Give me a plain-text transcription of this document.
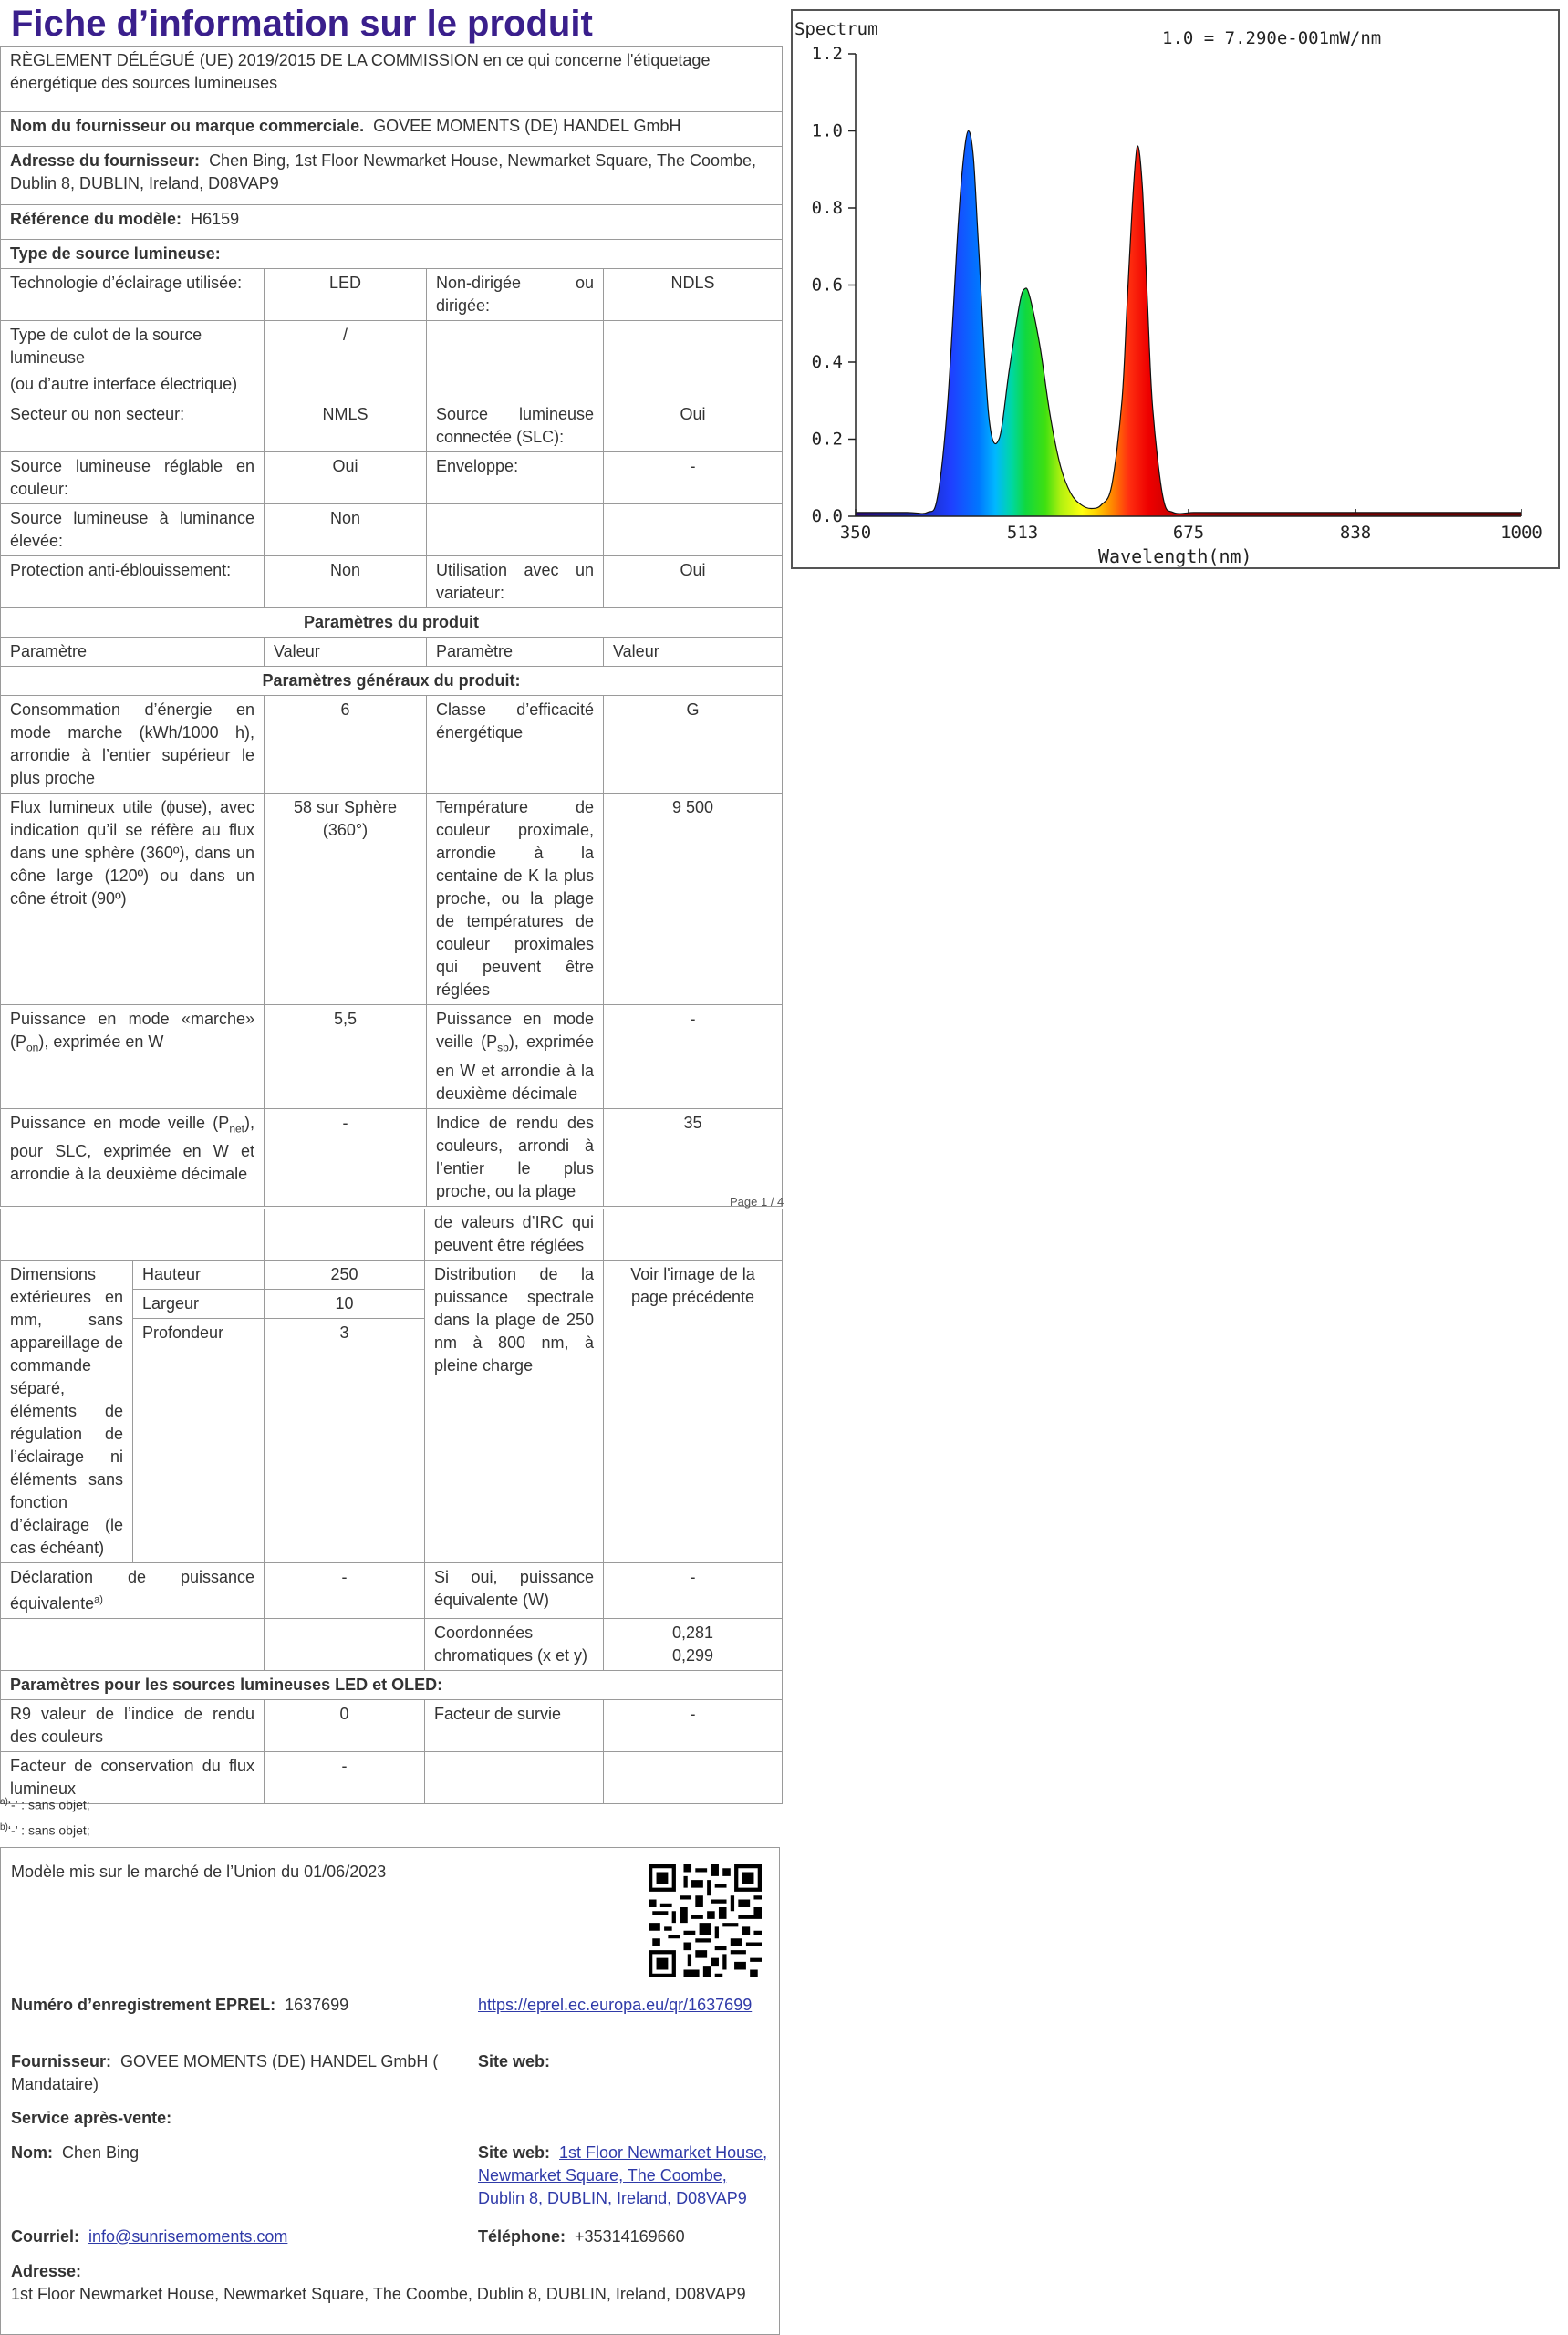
Fiche d’information sur le produit
RÈGLEMENT DÉLÉGUÉ (UE) 2019/2015 DE LA COMMISSION en ce qui concerne l'étiquetage énergétique des sources lumineuses			
Nom du fournisseur ou marque commerciale. GOVEE MOMENTS (DE) HANDEL GmbH			
Adresse du fournisseur: Chen Bing, 1st Floor Newmarket House, Newmarket Square, The Coombe, Dublin 8, DUBLIN, Ireland, D08VAP9			
Référence du modèle: H6159			
Type de source lumineuse:			
Technologie d’éclairage utilisée:	LED	Non-dirigée ou dirigée:	NDLS

Type de culot de la source lumineuse
(ou d’autre interface électrique)	/		
Secteur ou non secteur:	NMLS	Source lumineuse connectée (SLC):	Oui
Source lumineuse réglable en couleur:	Oui	Enveloppe:	-
Source lumineuse à luminance élevée:	Non		
Protection anti-éblouissement:	Non	Utilisation avec un variateur:	Oui
Paramètres du produit			
Paramètre	Valeur	Paramètre	Valeur
Paramètres généraux du produit:			
Consommation d’énergie en mode marche (kWh/1000 h), arrondie à l’entier supérieur le plus proche	6	Classe d’efficacité énergétique	G
Flux lumineux utile (ɸuse), avec indication qu’il se réfère au flux dans une sphère (360º), dans un cône large (120º) ou dans un cône étroit (90º)	58 sur Sphère (360°)	Température de couleur proximale, arrondie à la centaine de K la plus proche, ou la plage de températures de couleur proximales qui peuvent être réglées	9 500
Puissance en mode «marche» $(P_{on})$, exprimée en W	5,5	Puissance en mode veille $(P_{sb})$, exprimée en W et arrondie à la deuxième décimale	-
Puissance en mode veille $(P_{net})$, pour SLC, exprimée en W et arrondie à la deuxième décimale	-	Indice de rendu des couleurs, arrondi à l’entier le plus proche, ou la plage	35
Page 1 / 4
			de valeurs d’IRC qui peuvent être réglées	
Dimensions extérieures en mm, sans appareillage de commande séparé, éléments de régulation de l’éclairage ni éléments sans fonction d’éclairage (le cas échéant)	Hauteur	250	Distribution de la puissance spectrale dans la plage de 250 nm à 800 nm, à pleine charge	Voir l'image de la page précédente
	Largeur	10		
	Profondeur	3		
Déclaration de puissance équivalente$^{a)}$		-	Si oui, puissance équivalente (W)	-
			Coordonnées chromatiques (x et y)	0,281
0,299

Paramètres pour les sources lumineuses LED et OLED:				
R9 valeur de l’indice de rendu des couleurs		0	Facteur de survie	-
Facteur de conservation du flux lumineux		-		
$^{a)}$‘-’ : sans objet;
$^{b)}$‘-’ : sans objet;
Modèle mis sur le marché de l’Union du 01/06/2023
Numéro d’enregistrement EPREL: 1637699	https://eprel.ec.europa.eu/qr/1637699
Fournisseur: GOVEE MOMENTS (DE) HANDEL GmbH ( Mandataire)
Site web:
Service après-vente:
Nom: Chen Bing	Site web: 1st Floor Newmarket House, Newmarket Square, The Coombe, Dublin 8, DUBLIN, Ireland, D08VAP9
Courriel: info@sunrisemoments.com	Téléphone: +35314169660
Adresse:
1st Floor Newmarket House, Newmarket Square, The Coombe, Dublin 8, DUBLIN, Ireland, D08VAP9
Spectrum	1.0 = 7.290e-001mW/nm
0.0
0.2
0.4
0.6
0.8
1.0
1.2
350	513	675	838	1000
Wavelength(nm)
